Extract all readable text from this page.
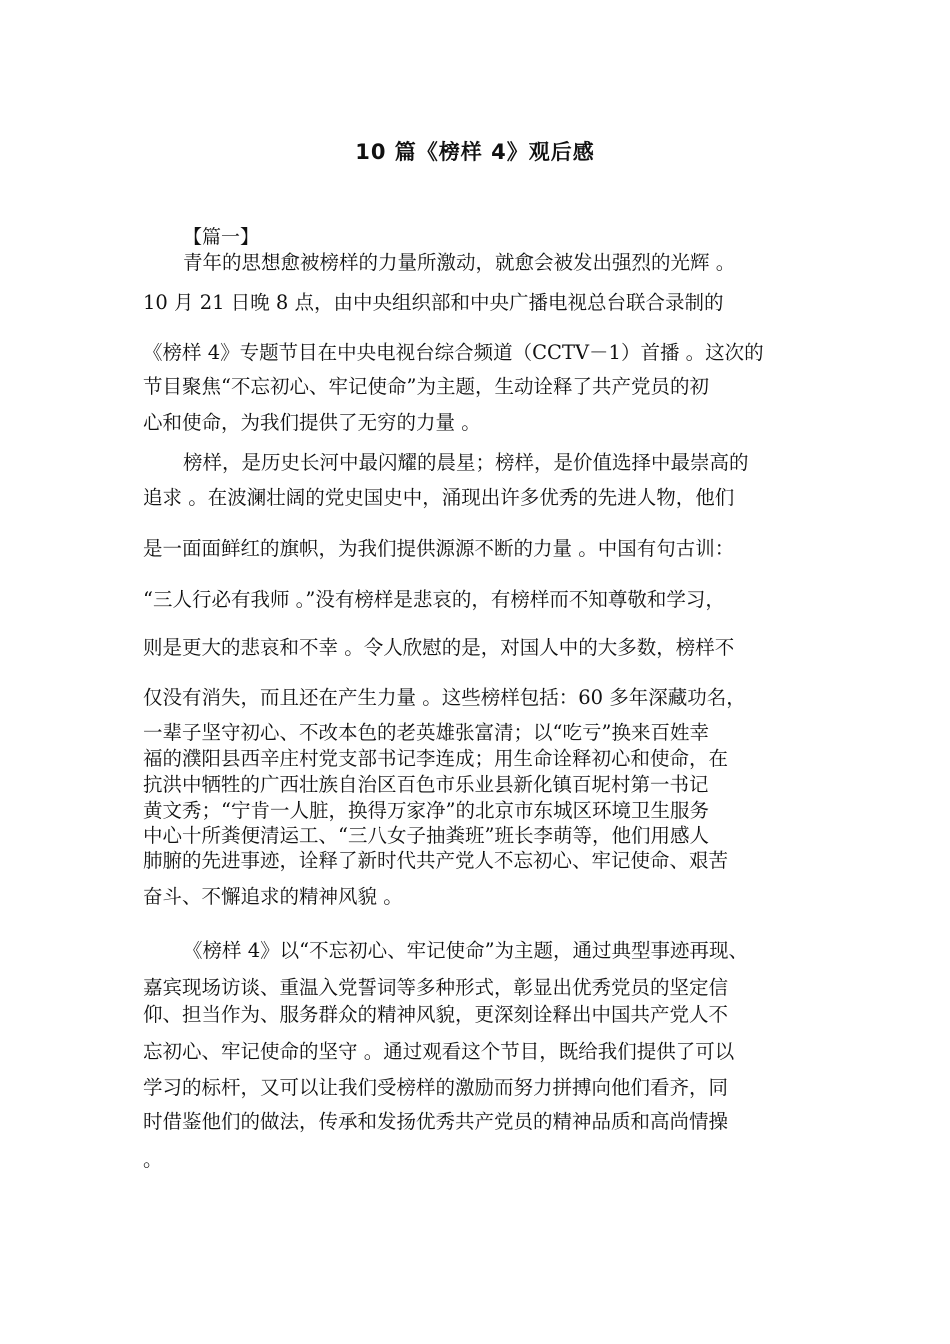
10 篇《榜样 4》观后感
【篇一】
青年的思想愈被榜样的力量所激动，就愈会被发出强烈的光辉 。
10 月 21 日晚 8 点，由中央组织部和中央广播电视总台联合录制的
《榜样 4》专题节目在中央电视台综合频道（CCTV－1）首播 。这次的
节目聚焦“不忘初心、牢记使命”为主题，生动诠释了共产党员的初
心和使命，为我们提供了无穷的力量 。
榜样，是历史长河中最闪耀的晨星；榜样，是价值选择中最崇高的
追求 。在波澜壮阔的党史国史中，涌现出许多优秀的先进人物，他们
是一面面鲜红的旗帜，为我们提供源源不断的力量 。中国有句古训：
“三人行必有我师 。”没有榜样是悲哀的，有榜样而不知尊敬和学习，
则是更大的悲哀和不幸 。令人欣慰的是，对国人中的大多数，榜样不
仅没有消失，而且还在产生力量 。这些榜样包括：60 多年深藏功名，
一辈子坚守初心、不改本色的老英雄张富清；以“吃亏”换来百姓幸
福的濮阳县西辛庄村党支部书记李连成；用生命诠释初心和使命，在
抗洪中牺牲的广西壮族自治区百色市乐业县新化镇百坭村第一书记
黄文秀；“宁肯一人脏，换得万家净”的北京市东城区环境卫生服务
中心十所粪便清运工、“三八女子抽粪班”班长李萌等，他们用感人
肺腑的先进事迹，诠释了新时代共产党人不忘初心、牢记使命、艰苦
奋斗、不懈追求的精神风貌 。
《榜样 4》以“不忘初心、牢记使命”为主题，通过典型事迹再现、
嘉宾现场访谈、重温入党誓词等多种形式，彰显出优秀党员的坚定信
仰、担当作为、服务群众的精神风貌，更深刻诠释出中国共产党人不
忘初心、牢记使命的坚守 。通过观看这个节目，既给我们提供了可以
学习的标杆，又可以让我们受榜样的激励而努力拼搏向他们看齐，同
时借鉴他们的做法，传承和发扬优秀共产党员的精神品质和高尚情操
。
